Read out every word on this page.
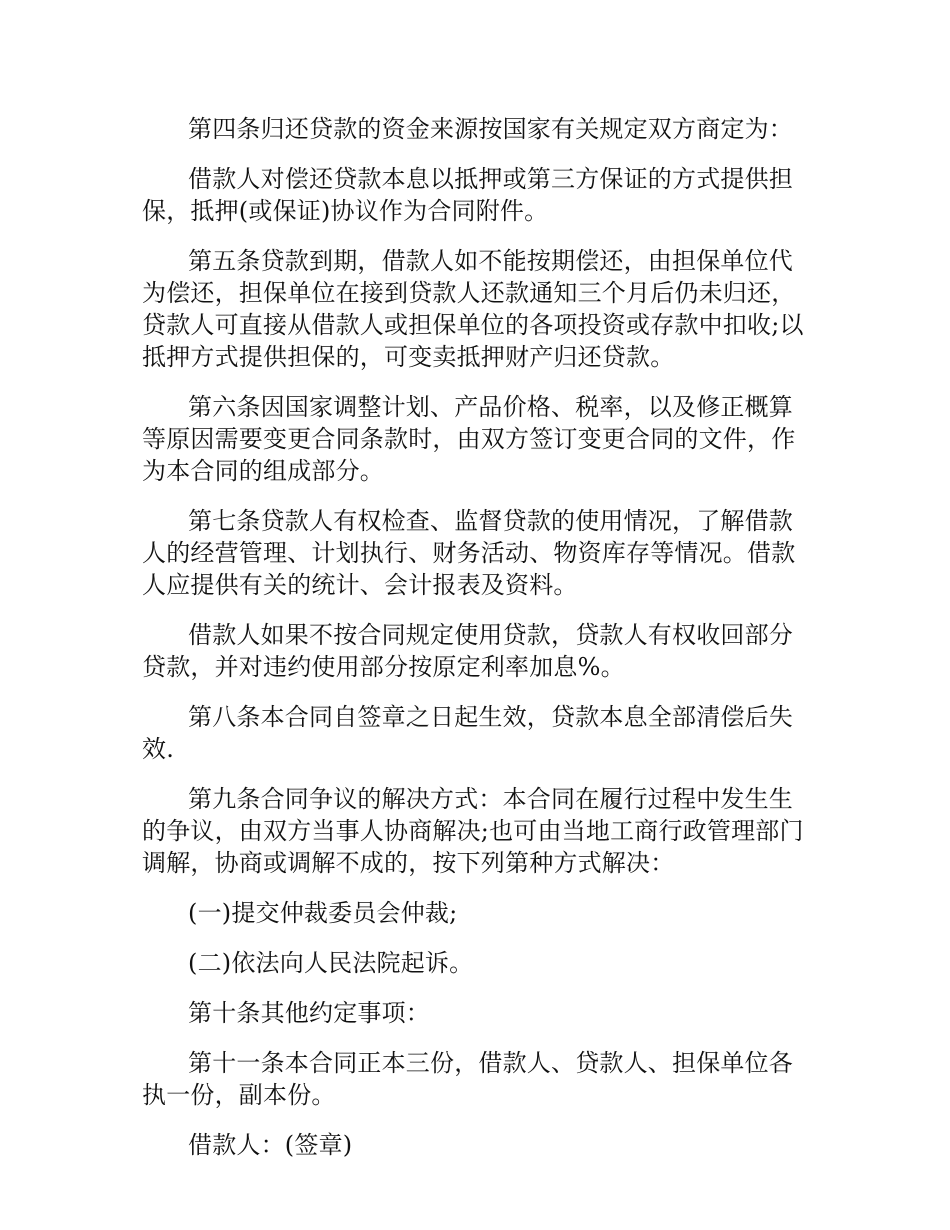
第四条归还贷款的资金来源按国家有关规定双方商定为：

借款人对偿还贷款本息以抵押或第三方保证的方式提供担保，抵押(或保证)协议作为合同附件。

第五条贷款到期，借款人如不能按期偿还，由担保单位代为偿还，担保单位在接到贷款人还款通知三个月后仍未归还，贷款人可直接从借款人或担保单位的各项投资或存款中扣收;以抵押方式提供担保的，可变卖抵押财产归还贷款。

第六条因国家调整计划、产品价格、税率，以及修正概算等原因需要变更合同条款时，由双方签订变更合同的文件，作为本合同的组成部分。

第七条贷款人有权检查、监督贷款的使用情况，了解借款人的经营管理、计划执行、财务活动、物资库存等情况。借款人应提供有关的统计、会计报表及资料。

借款人如果不按合同规定使用贷款，贷款人有权收回部分贷款，并对违约使用部分按原定利率加息%。

第八条本合同自签章之日起生效，贷款本息全部清偿后失效.

第九条合同争议的解决方式：本合同在履行过程中发生生的争议，由双方当事人协商解决;也可由当地工商行政管理部门调解，协商或调解不成的，按下列第种方式解决：

(一)提交仲裁委员会仲裁;

(二)依法向人民法院起诉。

第十条其他约定事项：

第十一条本合同正本三份，借款人、贷款人、担保单位各执一份，副本份。

借款人：(签章)
